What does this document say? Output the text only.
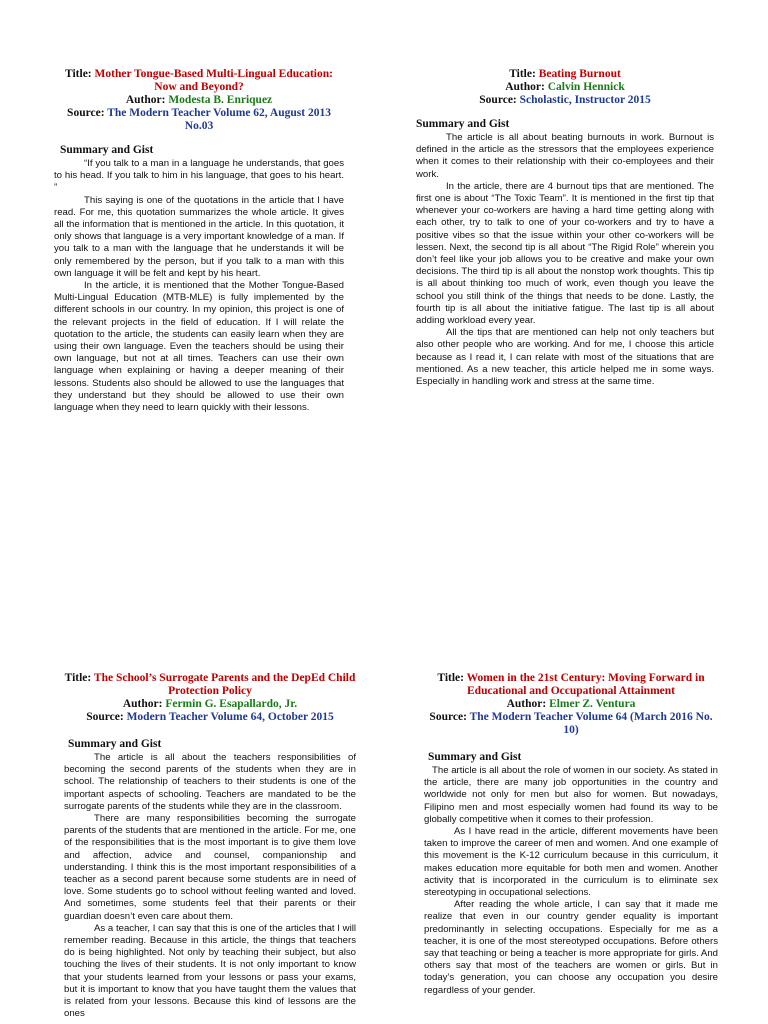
Title: Mother Tongue-Based Multi-Lingual Education: Now and Beyond?
Author: Modesta B. Enriquez
Source: The Modern Teacher Volume 62, August 2013 No.03
Summary and Gist

“If you talk to a man in a language he understands, that goes to his head. If you talk to him in his language, that goes to his heart. ”

This saying is one of the quotations in the article that I have read. For me, this quotation summarizes the whole article. It gives all the information that is mentioned in the article. In this quotation, it only shows that language is a very important knowledge of a man. If you talk to a man with the language that he understands it will be only remembered by the person, but if you talk to a man with this own language it will be felt and kept by his heart.

In the article, it is mentioned that the Mother Tongue-Based Multi-Lingual Education (MTB-MLE) is fully implemented by the different schools in our country. In my opinion, this project is one of the relevant projects in the field of education. If I will relate the quotation to the article, the students can easily learn when they are using their own language. Even the teachers should be using their own language, but not at all times. Teachers can use their own language when explaining or having a deeper meaning of their lessons. Students also should be allowed to use the languages that they understand but they should be allowed to use their own language when they need to learn quickly with their lessons.

Title: Beating Burnout
Author: Calvin Hennick
Source: Scholastic, Instructor 2015
Summary and Gist

The article is all about beating burnouts in work. Burnout is defined in the article as the stressors that the employees experience when it comes to their relationship with their co-employees and their work.

In the article, there are 4 burnout tips that are mentioned. The first one is about “The Toxic Team”. It is mentioned in the first tip that whenever your co-workers are having a hard time getting along with each other, try to talk to one of your co-workers and try to have a positive vibes so that the issue within your other co-workers will be lessen. Next, the second tip is all about “The Rigid Role” wherein you don’t feel like your job allows you to be creative and make your own decisions. The third tip is all about the nonstop work thoughts. This tip is all about thinking too much of work, even though you leave the school you still think of the things that needs to be done. Lastly, the fourth tip is all about the initiative fatigue. The last tip is all about adding workload every year.

All the tips that are mentioned can help not only teachers but also other people who are working. And for me, I choose this article because as I read it, I can relate with most of the situations that are mentioned. As a new teacher, this article helped me in some ways. Especially in handling work and stress at the same time.

Title: The School’s Surrogate Parents and the DepEd Child Protection Policy
Author: Fermin G. Esapallardo, Jr.
Source: Modern Teacher Volume 64, October 2015
Summary and Gist

The article is all about the teachers responsibilities of becoming the second parents of the students when they are in school. The relationship of teachers to their students is one of the important aspects of schooling. Teachers are mandated to be the surrogate parents of the students while they are in the classroom.

There are many responsibilities becoming the surrogate parents of the students that are mentioned in the article. For me, one of the responsibilities that is the most important is to give them love and affection, advice and counsel, companionship and understanding. I think this is the most important responsibilities of a teacher as a second parent because some students are in need of love. Some students go to school without feeling wanted and loved. And sometimes, some students feel that their parents or their guardian doesn’t even care about them.

As a teacher, I can say that this is one of the articles that I will remember reading. Because in this article, the things that teachers do is being highlighted. Not only by teaching their subject, but also touching the lives of their students. It is not only important to know that your students learned from your lessons or pass your exams, but it is important to know that you have taught them the values that is related from your lessons. Because this kind of lessons are the ones

Title: Women in the 21st Century: Moving Forward in Educational and Occupational Attainment
Author: Elmer Z. Ventura
Source: The Modern Teacher Volume 64 (March 2016 No. 10)
Summary and Gist

The article is all about the role of women in our society. As stated in the article, there are many job opportunities in the country and worldwide not only for men but also for women. But nowadays, Filipino men and most especially women had found its way to be globally competitive when it comes to their profession.

As I have read in the article, different movements have been taken to improve the career of men and women. And one example of this movement is the K-12 curriculum because in this curriculum, it makes education more equitable for both men and women. Another activity that is incorporated in the curriculum is to eliminate sex stereotyping in occupational selections.

After reading the whole article, I can say that it made me realize that even in our country gender equality is important predominantly in selecting occupations. Especially for me as a teacher, it is one of the most stereotyped occupations. Before others say that teaching or being a teacher is more appropriate for girls. And others say that most of the teachers are women or girls. But in today’s generation, you can choose any occupation you desire regardless of your gender.
